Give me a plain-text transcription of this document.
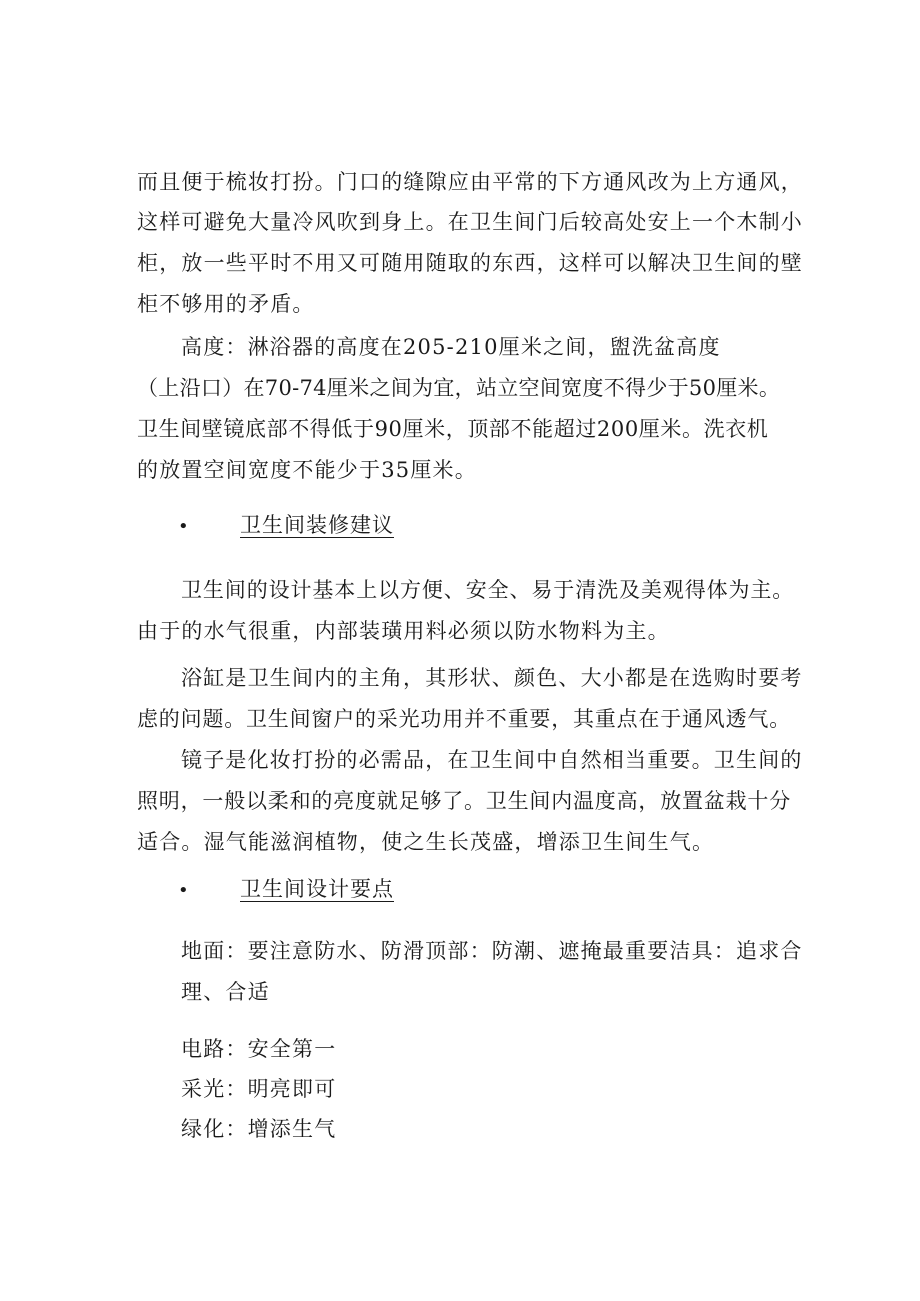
而且便于梳妆打扮。门口的缝隙应由平常的下方通风改为上方通风，
这样可避免大量冷风吹到身上。在卫生间门后较高处安上一个木制小
柜，放一些平时不用又可随用随取的东西，这样可以解决卫生间的壁
柜不够用的矛盾。
高度：淋浴器的高度在205-210厘米之间，盥洗盆高度
（上沿口）在70-74厘米之间为宜，站立空间宽度不得少于50厘米。
卫生间壁镜底部不得低于90厘米，顶部不能超过200厘米。洗衣机
的放置空间宽度不能少于35厘米。
• 卫生间装修建议
卫生间的设计基本上以方便、安全、易于清洗及美观得体为主。
由于的水气很重，内部装璜用料必须以防水物料为主。
浴缸是卫生间内的主角，其形状、颜色、大小都是在选购时要考
虑的问题。卫生间窗户的采光功用并不重要，其重点在于通风透气。
镜子是化妆打扮的必需品，在卫生间中自然相当重要。卫生间的
照明，一般以柔和的亮度就足够了。卫生间内温度高，放置盆栽十分
适合。湿气能滋润植物，使之生长茂盛，增添卫生间生气。
• 卫生间设计要点
地面：要注意防水、防滑顶部：防潮、遮掩最重要洁具：追求合
理、合适
电路：安全第一
采光：明亮即可
绿化：增添生气
